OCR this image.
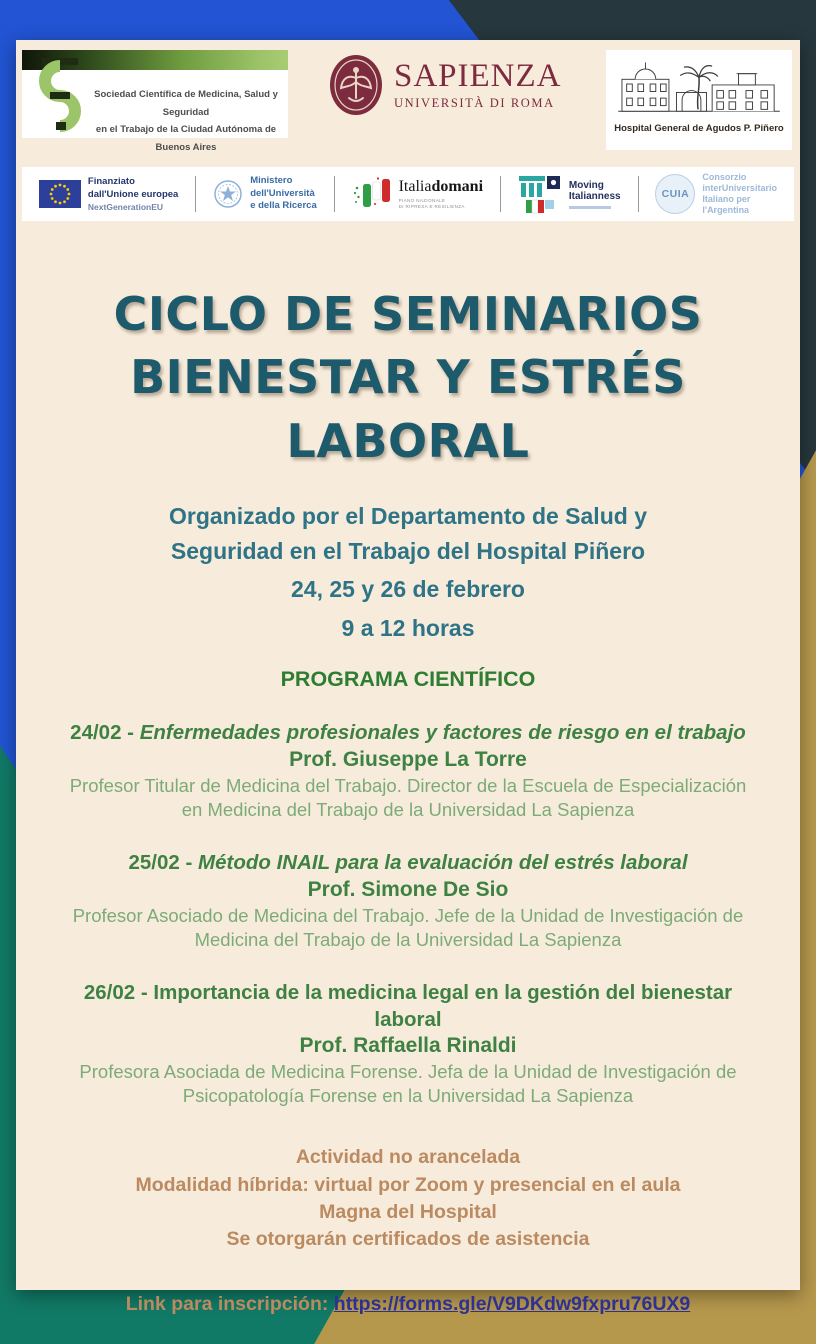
Sociedad Científica de Medicina, Salud y Seguridad
en el Trabajo de la Ciudad Autónoma de Buenos Aires
SAPIENZA
UNIVERSITÀ DI ROMA
Hospital General de Agudos P. Piñero
Finanziato
dall'Unione europea
NextGenerationEU
Ministero
dell'Università
e della Ricerca
Italiadomani
PIANO NAZIONALE
DI RIPRESA E RESILIENZA
Moving
Italianness	CUIA
Consorzio
interUniversitario
Italiano per
l'Argentina
CICLO DE SEMINARIOS
BIENESTAR Y ESTRÉS
LABORAL
Organizado por el Departamento de Salud y
Seguridad en el Trabajo del Hospital Piñero
24, 25 y 26 de febrero
9 a 12 horas
PROGRAMA CIENTÍFICO
24/02 - Enfermedades profesionales y factores de riesgo en el trabajo
Prof. Giuseppe La Torre
Profesor Titular de Medicina del Trabajo. Director de la Escuela de Especialización en Medicina del Trabajo de la Universidad La Sapienza
25/02 - Método INAIL para la evaluación del estrés laboral
Prof. Simone De Sio
Profesor Asociado de Medicina del Trabajo. Jefe de la Unidad de Investigación de Medicina del Trabajo de la Universidad La Sapienza
26/02 - Importancia de la medicina legal en la gestión del bienestar laboral
Prof. Raffaella Rinaldi
Profesora Asociada de Medicina Forense. Jefa de la Unidad de Investigación de Psicopatología Forense en la Universidad La Sapienza
Actividad no arancelada
Modalidad híbrida: virtual por Zoom y presencial en el aula
Magna del Hospital
Se otorgarán certificados de asistencia
Link para inscripción: https://forms.gle/V9DKdw9fxpru76UX9
